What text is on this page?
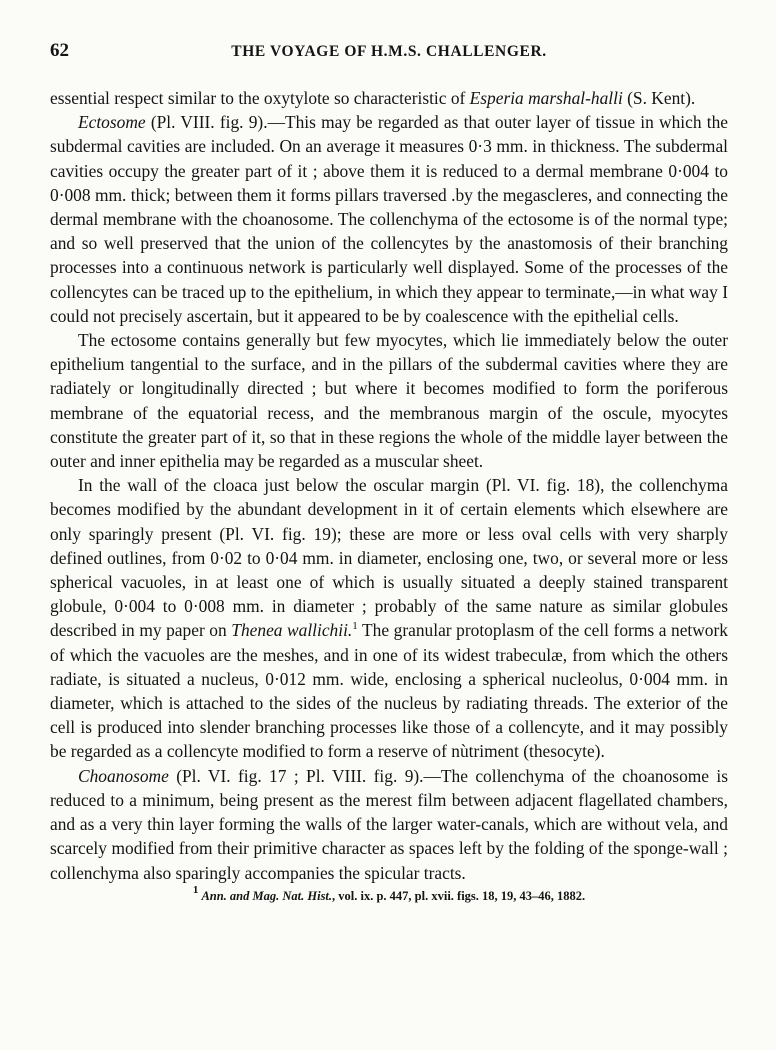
62	THE VOYAGE OF H.M.S. CHALLENGER.

essential respect similar to the oxytylote so characteristic of Esperia marshal-halli (S. Kent).

Ectosome (Pl. VIII. fig. 9).—This may be regarded as that outer layer of tissue in which the subdermal cavities are included. On an average it measures 0·3 mm. in thickness. The subdermal cavities occupy the greater part of it ; above them it is reduced to a dermal membrane 0·004 to 0·008 mm. thick; between them it forms pillars traversed .by the megascleres, and connecting the dermal membrane with the choanosome. The collenchyma of the ectosome is of the normal type; and so well preserved that the union of the collencytes by the anastomosis of their branching processes into a continuous network is particularly well displayed. Some of the processes of the collencytes can be traced up to the epithelium, in which they appear to terminate,—in what way I could not precisely ascertain, but it appeared to be by coalescence with the epithelial cells.

The ectosome contains generally but few myocytes, which lie immediately below the outer epithelium tangential to the surface, and in the pillars of the subdermal cavities where they are radiately or longitudinally directed ; but where it becomes modified to form the poriferous membrane of the equatorial recess, and the membranous margin of the oscule, myocytes constitute the greater part of it, so that in these regions the whole of the middle layer between the outer and inner epithelia may be regarded as a muscular sheet.

In the wall of the cloaca just below the oscular margin (Pl. VI. fig. 18), the collenchyma becomes modified by the abundant development in it of certain elements which elsewhere are only sparingly present (Pl. VI. fig. 19); these are more or less oval cells with very sharply defined outlines, from 0·02 to 0·04 mm. in diameter, enclosing one, two, or several more or less spherical vacuoles, in at least one of which is usually situated a deeply stained transparent globule, 0·004 to 0·008 mm. in diameter ; probably of the same nature as similar globules described in my paper on Thenea wallichii.$^1$ The granular protoplasm of the cell forms a network of which the vacuoles are the meshes, and in one of its widest trabeculæ, from which the others radiate, is situated a nucleus, 0·012 mm. wide, enclosing a spherical nucleolus, 0·004 mm. in diameter, which is attached to the sides of the nucleus by radiating threads. The exterior of the cell is produced into slender branching processes like those of a collencyte, and it may possibly be regarded as a collencyte modified to form a reserve of nùtriment (thesocyte).

Choanosome (Pl. VI. fig. 17 ; Pl. VIII. fig. 9).—The collenchyma of the choanosome is reduced to a minimum, being present as the merest film between adjacent flagellated chambers, and as a very thin layer forming the walls of the larger water-canals, which are without vela, and scarcely modified from their primitive character as spaces left by the folding of the sponge-wall ; collenchyma also sparingly accompanies the spicular tracts.

1 Ann. and Mag. Nat. Hist., vol. ix. p. 447, pl. xvii. figs. 18, 19, 43–46, 1882.
